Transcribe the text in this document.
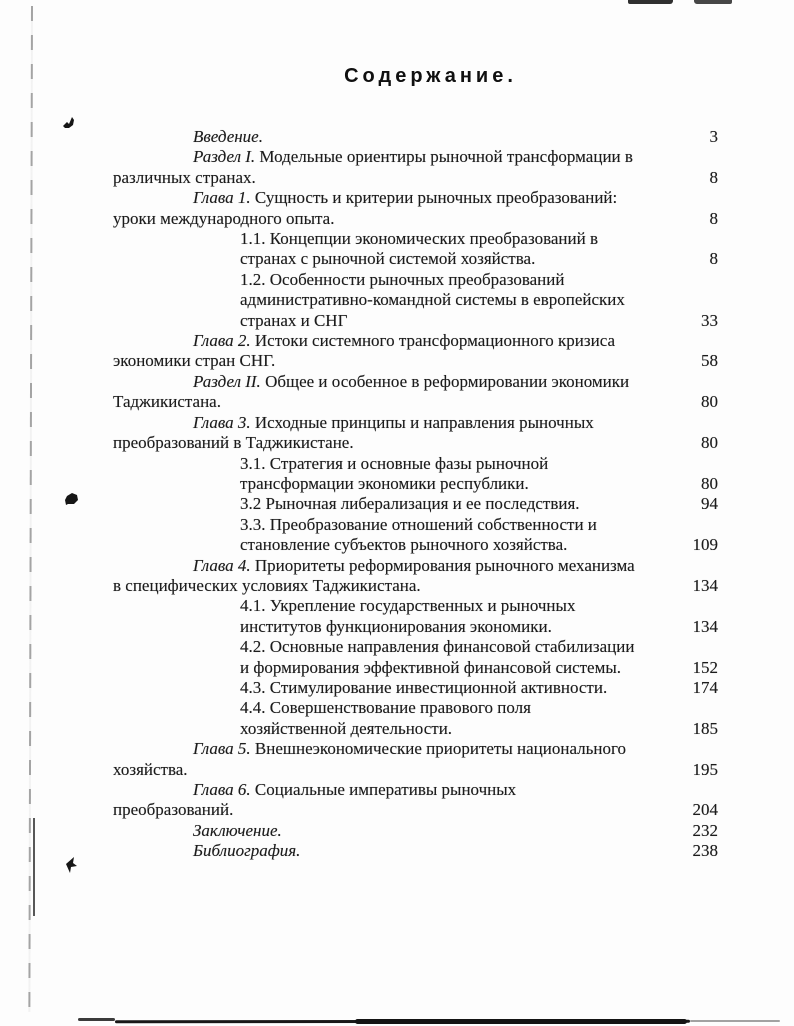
Содержание.
Введение.	3
Раздел I. Модельные ориентиры рыночной трансформации в
различных странах.	8
Глава 1. Сущность и критерии рыночных преобразований:
уроки международного опыта.	8
1.1. Концепции экономических преобразований в
странах с рыночной системой хозяйства.	8
1.2. Особенности рыночных преобразований
административно-командной системы в европейских
странах и СНГ	33
Глава 2. Истоки системного трансформационного кризиса
экономики стран СНГ.	58
Раздел II. Общее и особенное в реформировании экономики
Таджикистана.	80
Глава 3. Исходные принципы и направления рыночных
преобразований в Таджикистане.	80
3.1. Стратегия и основные фазы рыночной
трансформации экономики республики.	80
3.2 Рыночная либерализация и ее последствия.	94
3.3. Преобразование отношений собственности и
становление субъектов рыночного хозяйства.	109
Глава 4. Приоритеты реформирования рыночного механизма
в специфических условиях Таджикистана.	134
4.1. Укрепление государственных и рыночных
институтов функционирования экономики.	134
4.2. Основные направления финансовой стабилизации
и формирования эффективной финансовой системы.	152
4.3. Стимулирование инвестиционной активности.	174
4.4. Совершенствование правового поля
хозяйственной деятельности.	185
Глава 5. Внешнеэкономические приоритеты национального
хозяйства.	195
Глава 6. Социальные императивы рыночных
преобразований.	204
Заключение.	232
Библиография.	238
